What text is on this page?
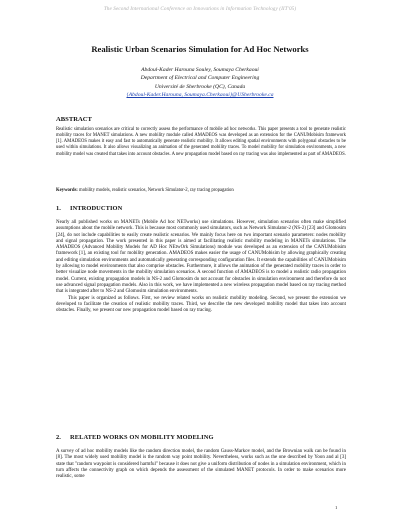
The Second International Conference on Innovations in Information Technology (IIT'05)
Realistic Urban Scenarios Simulation for Ad Hoc Networks
Abdoul-Kader Harouna Souley, Soumaya Cherkaoui
Department of Electrical and Computer Engineering
Université de Sherbrooke (QC), Canada
{Abdoul-Kader.Harouna, Soumaya.Cherkaoui}@USherbrooke.ca
ABSTRACT
Realistic simulation scenarios are critical to correctly assess the performance of mobile ad hoc networks. This paper presents a tool to generate realistic mobility traces for MANET simulations. A new mobility module called AMADEOS was developed as an extension for the CANUMobisim framework [1]. AMADEOS makes it easy and fast to automatically generate realistic mobility. It allows editing spatial environments with polygonal obstacles to be used within simulations. It also allows visualizing an animation of the generated mobility traces. To model mobility for simulation environments, a new mobility model was created that takes into account obstacles. A new propagation model based on ray tracing was also implemented as part of AMADEOS.
Keywords: mobility models, realistic scenarios, Network Simulator-2, ray tracing propagation
1. INTRODUCTION

Nearly all published works on MANETs (Mobile Ad hoc NETworks) use simulations. However, simulation scenarios often make simplified assumptions about the mobile network. This is because most commonly used simulators, such as Network Simulator-2 (NS-2) [23] and Glomosim [24], do not include capabilities to easily create realistic scenarios. We mainly focus here on two important scenario parameters: nodes mobility and signal propagation. The work presented in this paper is aimed at facilitating realistic mobility modeling in MANETs simulations. The AMADEOS (Advanced Mobility Models for AD Hoc NEtwOrk Simulations) module was developed as an extension of the CANUMobisim framework [1], an existing tool for mobility generation. AMADEOS makes easier the usage of CANUMobisim by allowing graphically creating and editing simulation environments and automatically generating corresponding configuration files. It extends the capabilities of CANUMobisim by allowing to model environments that also comprise obstacles. Furthermore, it allows the animation of the generated mobility traces in order to better visualize node movements in the mobility simulation scenarios. A second function of AMADEOS is to model a realistic radio propagation model. Current, existing propagation models in NS-2 and Glomosim do not account for obstacles in simulation environment and therefore do not use advanced signal propagation models. Also in this work, we have implemented a new wireless propagation model based on ray tracing method that is integrated after to NS-2 and Glomosim simulation environments.

This paper is organized as follows. First, we review related works on realistic mobility modeling. Second, we present the extension we developed to facilitate the creation of realistic mobility traces. Third, we describe the new developed mobility model that takes into account obstacles. Finally, we present our new propagation model based on ray tracing.

2. RELATED WORKS ON MOBILITY MODELING

A survey of ad hoc mobility models like the random direction model, the random Gauss-Markov model, and the Brownian walk can be found in [8]. The most widely used mobility model is the random way point mobility. Nevertheless, works such as the one described by Yoon and al [3] state that "random waypoint is considered harmful" because it does not give a uniform distribution of nodes in a simulation environment, which in turn affects the connectivity graph on which depends the assessment of the simulated MANET protocols. In order to make scenarios more realistic, some

1
